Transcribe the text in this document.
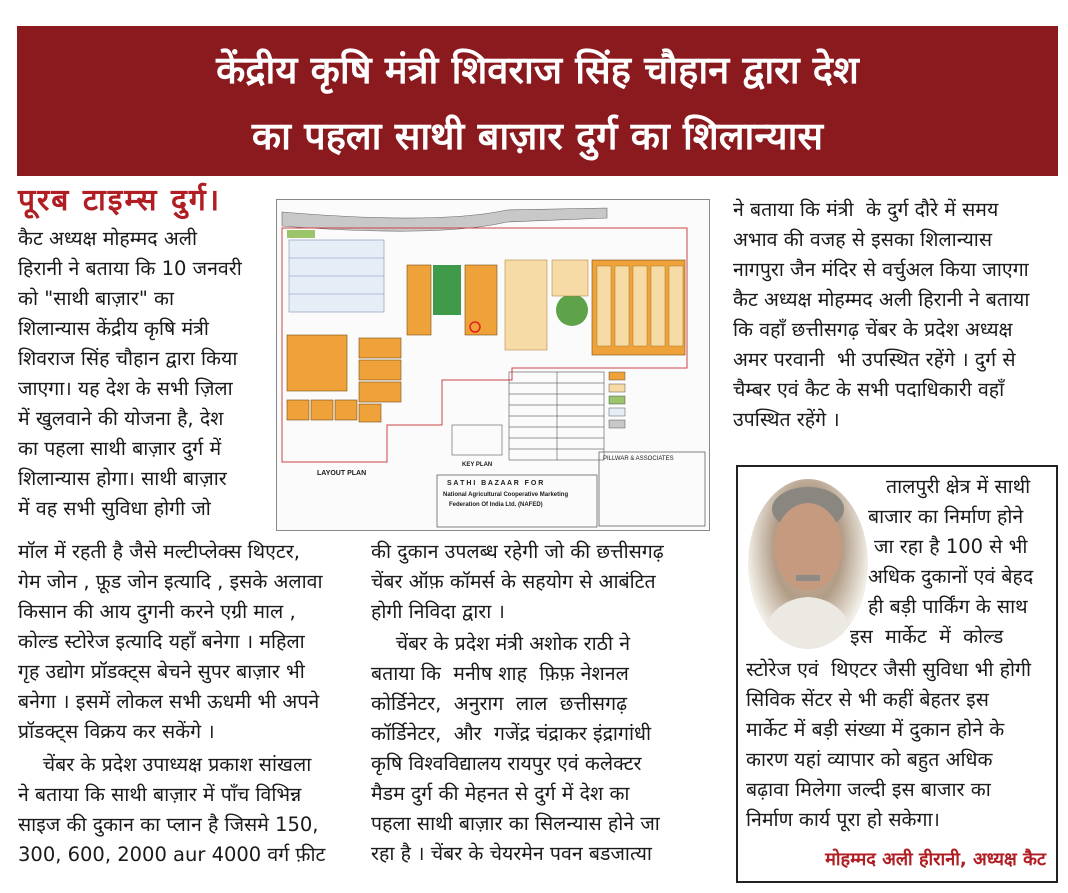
केंद्रीय कृषि मंत्री शिवराज सिंह चौहान द्वारा देश
का पहला साथी बाज़ार दुर्ग का शिलान्यास
पूरब टाइम्स दुर्ग।
कैट अध्यक्ष मोहम्मद अली
हिरानी ने बताया कि 10 जनवरी
को "साथी बाज़ार" का
शिलान्यास केंद्रीय कृषि मंत्री
शिवराज सिंह चौहान द्वारा किया
जाएगा। यह देश के सभी ज़िला
में खुलवाने की योजना है, देश
का पहला साथी बाज़ार दुर्ग में
शिलान्यास होगा। साथी बाज़ार
में वह सभी सुविधा होगी जो
मॉल में रहती है जैसे मल्टीप्लेक्स थिएटर,
गेम जोन , फ़ूड जोन इत्यादि , इसके अलावा
किसान की आय दुगनी करने एग्री माल ,
कोल्ड स्टोरेज इत्यादि यहाँ बनेगा । महिला
गृह उद्योग प्रॉडक्ट्स बेचने सुपर बाज़ार भी
बनेगा । इसमें लोकल सभी ऊधमी भी अपने
प्रॉडक्ट्स विक्रय कर सकेंगे ।
चेंबर के प्रदेश उपाध्यक्ष प्रकाश सांखला
ने बताया कि साथी बाज़ार में पाँच विभिन्न
साइज की दुकान का प्लान है जिसमे 150,
300, 600, 2000 aur 4000 वर्ग फ़ीट
की दुकान उपलब्ध रहेगी जो की छत्तीसगढ़
चेंबर ऑफ़ कॉमर्स के सहयोग से आबंटित
होगी निविदा द्वारा ।
चेंबर के प्रदेश मंत्री अशोक राठी ने
बताया कि  मनीष शाह  फ़िफ़ नेशनल
कोर्डिनेटर,  अनुराग  लाल  छत्तीसगढ़
कॉर्डिनेटर,  और  गजेंद्र चंद्राकर इंद्रागांधी
कृषि विश्वविद्यालय रायपुर एवं कलेक्टर
मैडम दुर्ग की मेहनत से दुर्ग में देश का
पहला साथी बाज़ार का सिलन्यास होने जा
रहा है । चेंबर के चेयरमेन पवन बडजात्या
ने बताया कि मंत्री  के दुर्ग दौरे में समय
अभाव की वजह से इसका शिलान्यास
नागपुरा जैन मंदिर से वर्चुअल किया जाएगा
कैट अध्यक्ष मोहम्मद अली हिरानी ने बताया
कि वहाँ छत्तीसगढ़ चेंबर के प्रदेश अध्यक्ष
अमर परवानी  भी उपस्थित रहेंगे । दुर्ग से
चैम्बर एवं कैट के सभी पदाधिकारी वहाँ
उपस्थित रहेंगे ।
LAYOUT PLAN
KEY PLAN
PILLWAR & ASSOCIATES
S A T H I   B A Z A A R   F O R
National Agricultural Cooperative Marketing
Federation Of India Ltd. (NAFED)
तालपुरी क्षेत्र में साथी
बाजार का निर्माण होने
जा रहा है 100 से भी
अधिक दुकानों एवं बेहद
ही बड़ी पार्किंग के साथ
इस  मार्केट  में  कोल्ड
स्टोरेज एवं  थिएटर जैसी सुविधा भी होगी
सिविक सेंटर से भी कहीं बेहतर इस
मार्केट में बड़ी संख्या में दुकान होने के
कारण यहां व्यापार को बहुत अधिक
बढ़ावा मिलेगा जल्दी इस बाजार का
निर्माण कार्य पूरा हो सकेगा।
मोहम्मद अली हीरानी, अध्यक्ष कैट
